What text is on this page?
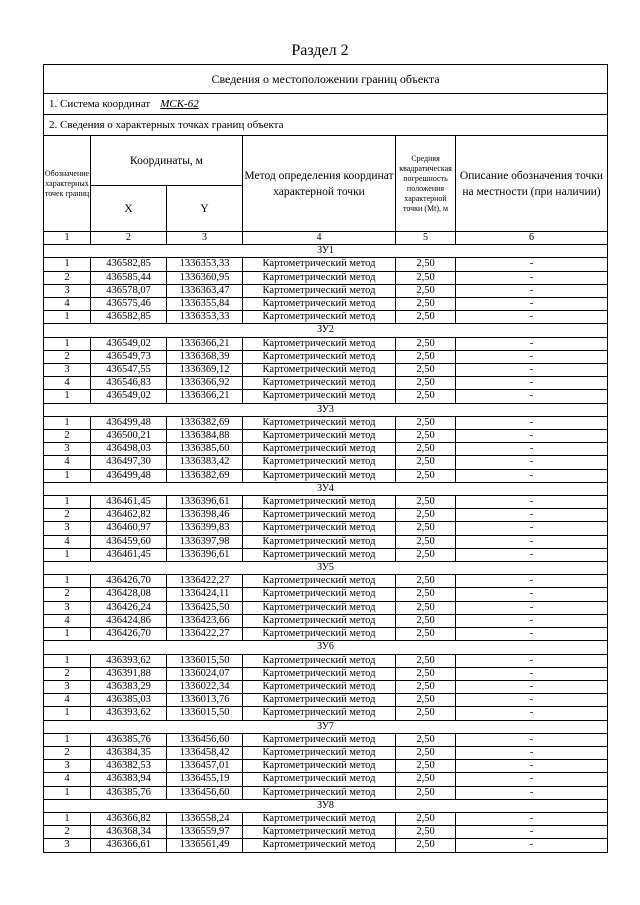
Раздел 2
Сведения о местоположении границ объекта					
1. Система координат МСК-62					
2. Сведения о характерных точках границ объекта					
Обозначение характерных точек границ	Координаты, м		Метод определения координат характерной точки	Средняя квадратическая погрешность положения характерной точки (Mt), м	Описание обозначения точки на местности (при наличии)
	X	Y			
1	2	3	4	5	6
ЗУ1					
1	436582,85	1336353,33	Картометрический метод	2,50	-
2	436585,44	1336360,95	Картометрический метод	2,50	-
3	436578,07	1336363,47	Картометрический метод	2,50	-
4	436575,46	1336355,84	Картометрический метод	2,50	-
1	436582,85	1336353,33	Картометрический метод	2,50	-
ЗУ2					
1	436549,02	1336366,21	Картометрический метод	2,50	-
2	436549,73	1336368,39	Картометрический метод	2,50	-
3	436547,55	1336369,12	Картометрический метод	2,50	-
4	436546,83	1336366,92	Картометрический метод	2,50	-
1	436549,02	1336366,21	Картометрический метод	2,50	-
ЗУ3					
1	436499,48	1336382,69	Картометрический метод	2,50	-
2	436500,21	1336384,88	Картометрический метод	2,50	-
3	436498,03	1336385,60	Картометрический метод	2,50	-
4	436497,30	1336383,42	Картометрический метод	2,50	-
1	436499,48	1336382,69	Картометрический метод	2,50	-
ЗУ4					
1	436461,45	1336396,61	Картометрический метод	2,50	-
2	436462,82	1336398,46	Картометрический метод	2,50	-
3	436460,97	1336399,83	Картометрический метод	2,50	-
4	436459,60	1336397,98	Картометрический метод	2,50	-
1	436461,45	1336396,61	Картометрический метод	2,50	-
ЗУ5					
1	436426,70	1336422,27	Картометрический метод	2,50	-
2	436428,08	1336424,11	Картометрический метод	2,50	-
3	436426,24	1336425,50	Картометрический метод	2,50	-
4	436424,86	1336423,66	Картометрический метод	2,50	-
1	436426,70	1336422,27	Картометрический метод	2,50	-
ЗУ6					
1	436393,62	1336015,50	Картометрический метод	2,50	-
2	436391,88	1336024,07	Картометрический метод	2,50	-
3	436383,29	1336022,34	Картометрический метод	2,50	-
4	436385,03	1336013,76	Картометрический метод	2,50	-
1	436393,62	1336015,50	Картометрический метод	2,50	-
ЗУ7					
1	436385,76	1336456,60	Картометрический метод	2,50	-
2	436384,35	1336458,42	Картометрический метод	2,50	-
3	436382,53	1336457,01	Картометрический метод	2,50	-
4	436383,94	1336455,19	Картометрический метод	2,50	-
1	436385,76	1336456,60	Картометрический метод	2,50	-
ЗУ8					
1	436366,82	1336558,24	Картометрический метод	2,50	-
2	436368,34	1336559,97	Картометрический метод	2,50	-
3	436366,61	1336561,49	Картометрический метод	2,50	-
